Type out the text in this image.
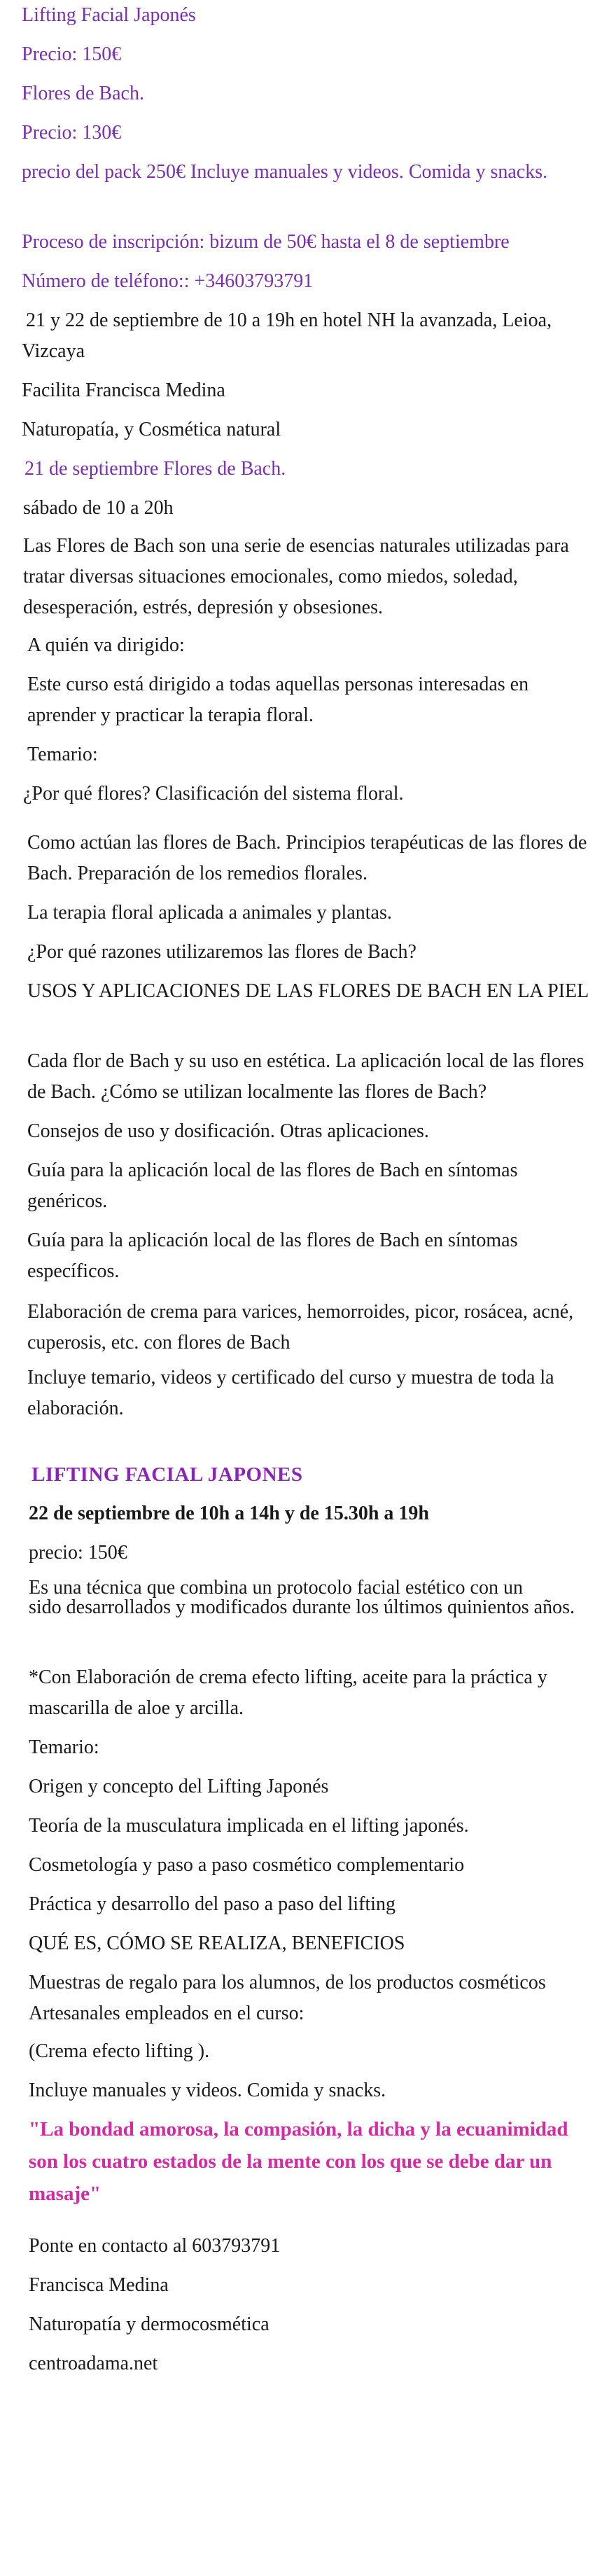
Lifting Facial Japonés

Precio: 150€

Flores de Bach.

Precio: 130€

precio del pack 250€ Incluye manuales y videos. Comida y snacks.

Proceso de inscripción: bizum de 50€ hasta el 8 de septiembre

Número de teléfono:: +34603793791

21 y 22 de septiembre de 10 a 19h en hotel NH la avanzada, Leioa, Vizcaya

Facilita Francisca Medina

Naturopatía, y Cosmética natural

21 de septiembre Flores de Bach.

sábado de 10 a 20h

Las Flores de Bach son una serie de esencias naturales utilizadas para tratar diversas situaciones emocionales, como miedos, soledad, desesperación, estrés, depresión y obsesiones.

A quién va dirigido:

Este curso está dirigido a todas aquellas personas interesadas en aprender y practicar la terapia floral.

Temario:

¿Por qué flores? Clasificación del sistema floral.

Como actúan las flores de Bach. Principios terapéuticas de las flores de Bach. Preparación de los remedios florales.

La terapia floral aplicada a animales y plantas.

¿Por qué razones utilizaremos las flores de Bach?

USOS Y APLICACIONES DE LAS FLORES DE BACH EN LA PIEL

Cada flor de Bach y su uso en estética. La aplicación local de las flores de Bach. ¿Cómo se utilizan localmente las flores de Bach?

Consejos de uso y dosificación. Otras aplicaciones.

Guía para la aplicación local de las flores de Bach en síntomas genéricos.

Guía para la aplicación local de las flores de Bach en síntomas específicos.

Elaboración de crema para varices, hemorroides, picor, rosácea, acné, cuperosis, etc. con flores de Bach

Incluye temario, videos y certificado del curso y muestra de toda la elaboración.

LIFTING FACIAL JAPONES

22 de septiembre de 10h a 14h y de 15.30h a 19h

precio: 150€

Es una técnica que combina un protocolo facial estético con un

sido desarrollados y modificados durante los últimos quinientos años.

*Con Elaboración de crema efecto lifting, aceite para la práctica y mascarilla de aloe y arcilla.

Temario:

Origen y concepto del Lifting Japonés

Teoría de la musculatura implicada en el lifting japonés.

Cosmetología y paso a paso cosmético complementario

Práctica y desarrollo del paso a paso del lifting

QUÉ ES, CÓMO SE REALIZA, BENEFICIOS

Muestras de regalo para los alumnos, de los productos cosméticos Artesanales empleados en el curso:

(Crema efecto lifting ).

Incluye manuales y videos. Comida y snacks.

"La bondad amorosa, la compasión, la dicha y la ecuanimidad son los cuatro estados de la mente con los que se debe dar un masaje"

Ponte en contacto al 603793791

Francisca Medina

Naturopatía y dermocosmética

centroadama.net
